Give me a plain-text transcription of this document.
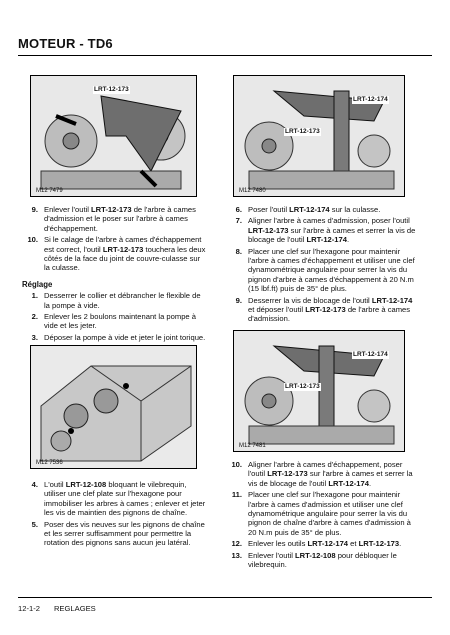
MOTEUR - TD6
LRT-12-173
M12 7479
LRT-12-174
LRT-12-173
M12 7480
9. Enlever l'outil LRT-12-173 de l'arbre à cames d'admission et le poser sur l'arbre à cames d'échappement.
10. Si le calage de l'arbre à cames d'échappement est correct, l'outil LRT-12-173 touchera les deux côtés de la face du joint de couvre-culasse sur la culasse.
Réglage
1. Desserrer le collier et débrancher le flexible de la pompe à vide.
2. Enlever les 2 boulons maintenant la pompe à vide et les jeter.
3. Déposer la pompe à vide et jeter le joint torique.
M12 7536
4. L'outil LRT-12-108 bloquant le vilebrequin, utiliser une clef plate sur l'hexagone pour immobiliser les arbres à cames ; enlever et jeter les vis de maintien des pignons de chaîne.
5. Poser des vis neuves sur les pignons de chaîne et les serrer suffisamment pour permettre la rotation des pignons sans aucun jeu latéral.
6. Poser l'outil LRT-12-174 sur la culasse.
7. Aligner l'arbre à cames d'admission, poser l'outil LRT-12-173 sur l'arbre à cames et serrer la vis de blocage de l'outil LRT-12-174.
8. Placer une clef sur l'hexagone pour maintenir l'arbre à cames d'échappement et utiliser une clef dynamométrique angulaire pour serrer la vis du pignon d'arbre à cames d'échappement à 20 N.m (15 lbf.ft) puis de 35° de plus.
9. Desserrer la vis de blocage de l'outil LRT-12-174 et déposer l'outil LRT-12-173 de l'arbre à cames d'admission.
LRT-12-174
LRT-12-173
M12 7481
10. Aligner l'arbre à cames d'échappement, poser l'outil LRT-12-173 sur l'arbre à cames et serrer la vis de blocage de l'outil LRT-12-174.
11. Placer une clef sur l'hexagone pour maintenir l'arbre à cames d'admission et utiliser une clef dynamométrique angulaire pour serrer la vis du pignon de chaîne d'arbre à cames d'admission à 20 N.m puis de 35° de plus.
12. Enlever les outils LRT-12-174 et LRT-12-173.
13. Enlever l'outil LRT-12-108 pour débloquer le vilebrequin.
12-1-2 REGLAGES
